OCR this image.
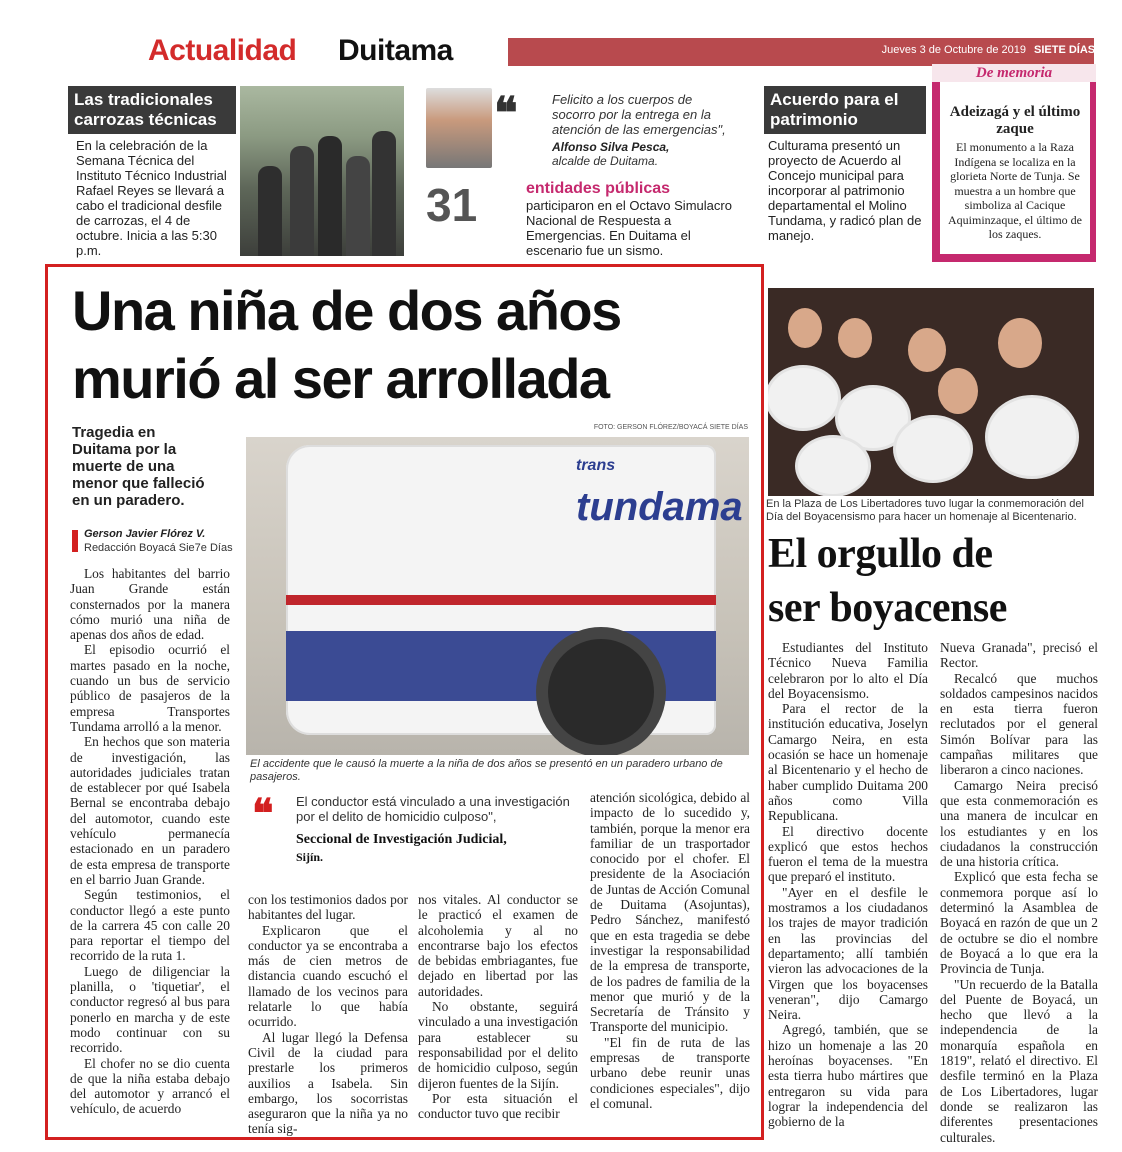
Actualidad Duitama	Jueves 3 de Octubre de 2019 SIETE DÍAS
Las tradicionales carrozas técnicas
En la celebración de la Semana Técnica del Instituto Técnico Industrial Rafael Reyes se llevará a cabo el tradicional desfile de carrozas, el 4 de octubre. Inicia a las 5:30 p.m.
❝	Felicito a los cuerpos de socorro por la entrega en la atención de las emergencias",
Alfonso Silva Pesca,
alcalde de Duitama.
31	entidades públicas
participaron en el Octavo Simulacro Nacional de Respuesta a Emergencias. En Duitama el escenario fue un sismo.
Acuerdo para el patrimonio
Culturama presentó un proyecto de Acuerdo al Concejo municipal para incorporar al patrimonio departamental el Molino Tundama, y radicó plan de manejo.
De memoria
Adeizagá y el último zaque
El monumento a la Raza Indígena se localiza en la glorieta Norte de Tunja. Se muestra a un hombre que simboliza al Cacique Aquiminzaque, el último de los zaques.
Una niña de dos años
murió al ser arrollada
Tragedia en Duitama por la muerte de una menor que falleció en un paradero.
Gerson Javier Flórez V.
Redacción Boyacá Sie7e Días
FOTO: GERSON FLÓREZ/BOYACÁ SIETE DÍAS
trans
tundama
El accidente que le causó la muerte a la niña de dos años se presentó en un paradero urbano de pasajeros.
❝ El conductor está vinculado a una investigación por el delito de homicidio culposo",
Seccional de Investigación Judicial,
Sijín.

Los habitantes del barrio Juan Grande están consternados por la manera cómo murió una niña de apenas dos años de edad.

El episodio ocurrió el martes pasado en la noche, cuando un bus de servicio público de pasajeros de la empresa Transportes Tundama arrolló a la menor.

En hechos que son materia de investigación, las autoridades judiciales tratan de establecer por qué Isabela Bernal se encontraba debajo del automotor, cuando este vehículo permanecía estacionado en un paradero de esta empresa de transporte en el barrio Juan Grande.

Según testimonios, el conductor llegó a este punto de la carrera 45 con calle 20 para reportar el tiempo del recorrido de la ruta 1.

Luego de diligenciar la planilla, o 'tiquetiar', el conductor regresó al bus para ponerlo en marcha y de este modo continuar con su recorrido.

El chofer no se dio cuenta de que la niña estaba debajo del automotor y arrancó el vehículo, de acuerdo

con los testimonios dados por habitantes del lugar.

Explicaron que el conductor ya se encontraba a más de cien metros de distancia cuando escuchó el llamado de los vecinos para relatarle lo que había ocurrido.

Al lugar llegó la Defensa Civil de la ciudad para prestarle los primeros auxilios a Isabela. Sin embargo, los socorristas aseguraron que la niña ya no tenía sig-

nos vitales. Al conductor se le practicó el examen de alcoholemia y al no encontrarse bajo los efectos de bebidas embriagantes, fue dejado en libertad por las autoridades.

No obstante, seguirá vinculado a una investigación para establecer su responsabilidad por el delito de homicidio culposo, según dijeron fuentes de la Sijín.

Por esta situación el conductor tuvo que recibir

atención sicológica, debido al impacto de lo sucedido y, también, porque la menor era familiar de un trasportador conocido por el chofer. El presidente de la Asociación de Juntas de Acción Comunal de Duitama (Asojuntas), Pedro Sánchez, manifestó que en esta tragedia se debe investigar la responsabilidad de la empresa de transporte, de los padres de familia de la menor que murió y de la Secretaría de Tránsito y Transporte del municipio.

"El fin de ruta de las empresas de transporte urbano debe reunir unas condiciones especiales", dijo el comunal.

En la Plaza de Los Libertadores tuvo lugar la conmemoración del Día del Boyacensismo para hacer un homenaje al Bicentenario.
El orgullo de
ser boyacense

Estudiantes del Instituto Técnico Nueva Familia celebraron por lo alto el Día del Boyacensismo.

Para el rector de la institución educativa, Joselyn Camargo Neira, en esta ocasión se hace un homenaje al Bicentenario y el hecho de haber cumplido Duitama 200 años como Villa Republicana.

El directivo docente explicó que estos hechos fueron el tema de la muestra que preparó el instituto.

"Ayer en el desfile le mostramos a los ciudadanos los trajes de mayor tradición en las provincias del departamento; allí también vieron las advocaciones de la Virgen que los boyacenses veneran", dijo Camargo Neira.

Agregó, también, que se hizo un homenaje a las 20 heroínas boyacenses. "En esta tierra hubo mártires que entregaron su vida para lograr la independencia del gobierno de la

Nueva Granada", precisó el Rector.

Recalcó que muchos soldados campesinos nacidos en esta tierra fueron reclutados por el general Simón Bolívar para las campañas militares que liberaron a cinco naciones.

Camargo Neira precisó que esta conmemoración es una manera de inculcar en los estudiantes y en los ciudadanos la construcción de una historia crítica.

Explicó que esta fecha se conmemora porque así lo determinó la Asamblea de Boyacá en razón de que un 2 de octubre se dio el nombre de Boyacá a lo que era la Provincia de Tunja.

"Un recuerdo de la Batalla del Puente de Boyacá, un hecho que llevó a la independencia de la monarquía española en 1819", relató el directivo. El desfile terminó en la Plaza de Los Libertadores, lugar donde se realizaron las diferentes presentaciones culturales.
